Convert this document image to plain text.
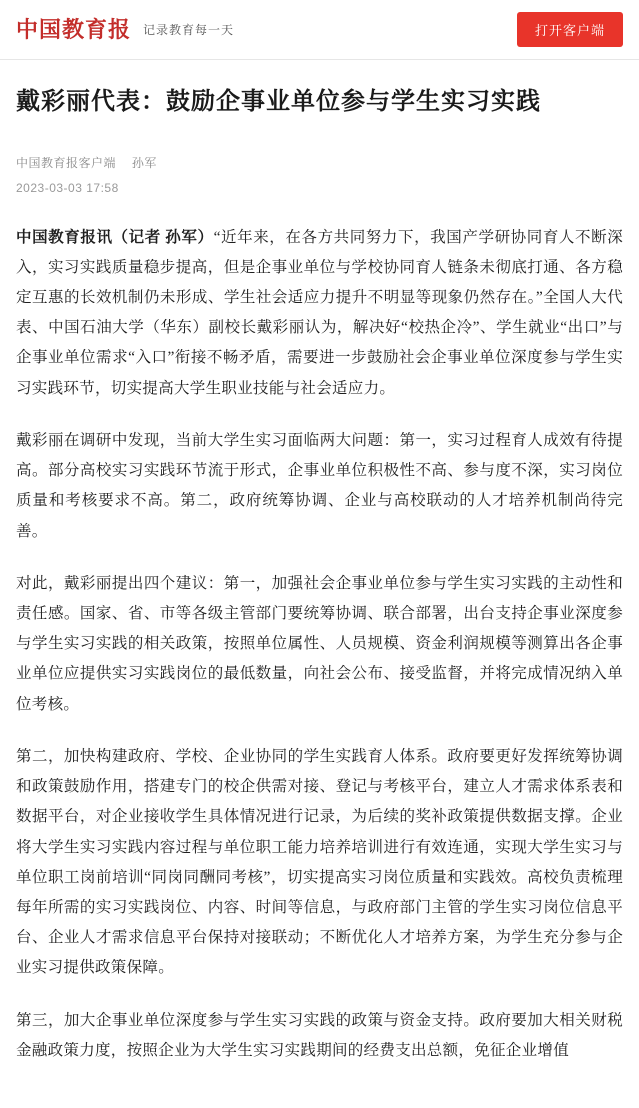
中国教育报 记录教育每一天	打开客户端
戴彩丽代表：鼓励企事业单位参与学生实习实践
中国教育报客户端 孙军
2023-03-03 17:58

中国教育报讯（记者 孙军）“近年来，在各方共同努力下，我国产学研协同育人不断深入，实习实践质量稳步提高，但是企事业单位与学校协同育人链条未彻底打通、各方稳定互惠的长效机制仍未形成、学生社会适应力提升不明显等现象仍然存在。”全国人大代表、中国石油大学（华东）副校长戴彩丽认为，解决好“校热企冷”、学生就业“出口”与企事业单位需求“入口”衔接不畅矛盾，需要进一步鼓励社会企事业单位深度参与学生实习实践环节，切实提高大学生职业技能与社会适应力。

戴彩丽在调研中发现，当前大学生实习面临两大问题：第一，实习过程育人成效有待提高。部分高校实习实践环节流于形式，企事业单位积极性不高、参与度不深，实习岗位质量和考核要求不高。第二，政府统筹协调、企业与高校联动的人才培养机制尚待完善。

对此，戴彩丽提出四个建议：第一，加强社会企事业单位参与学生实习实践的主动性和责任感。国家、省、市等各级主管部门要统筹协调、联合部署，出台支持企事业深度参与学生实习实践的相关政策，按照单位属性、人员规模、资金利润规模等测算出各企事业单位应提供实习实践岗位的最低数量，向社会公布、接受监督，并将完成情况纳入单位考核。

第二，加快构建政府、学校、企业协同的学生实践育人体系。政府要更好发挥统筹协调和政策鼓励作用，搭建专门的校企供需对接、登记与考核平台，建立人才需求体系表和数据平台，对企业接收学生具体情况进行记录，为后续的奖补政策提供数据支撑。企业将大学生实习实践内容过程与单位职工能力培养培训进行有效连通，实现大学生实习与单位职工岗前培训“同岗同酬同考核”，切实提高实习岗位质量和实践效。高校负责梳理每年所需的实习实践岗位、内容、时间等信息，与政府部门主管的学生实习岗位信息平台、企业人才需求信息平台保持对接联动；不断优化人才培养方案，为学生充分参与企业实习提供政策保障。

第三，加大企事业单位深度参与学生实习实践的政策与资金支持。政府要加大相关财税金融政策力度，按照企业为大学生实习实践期间的经费支出总额，免征企业增值
